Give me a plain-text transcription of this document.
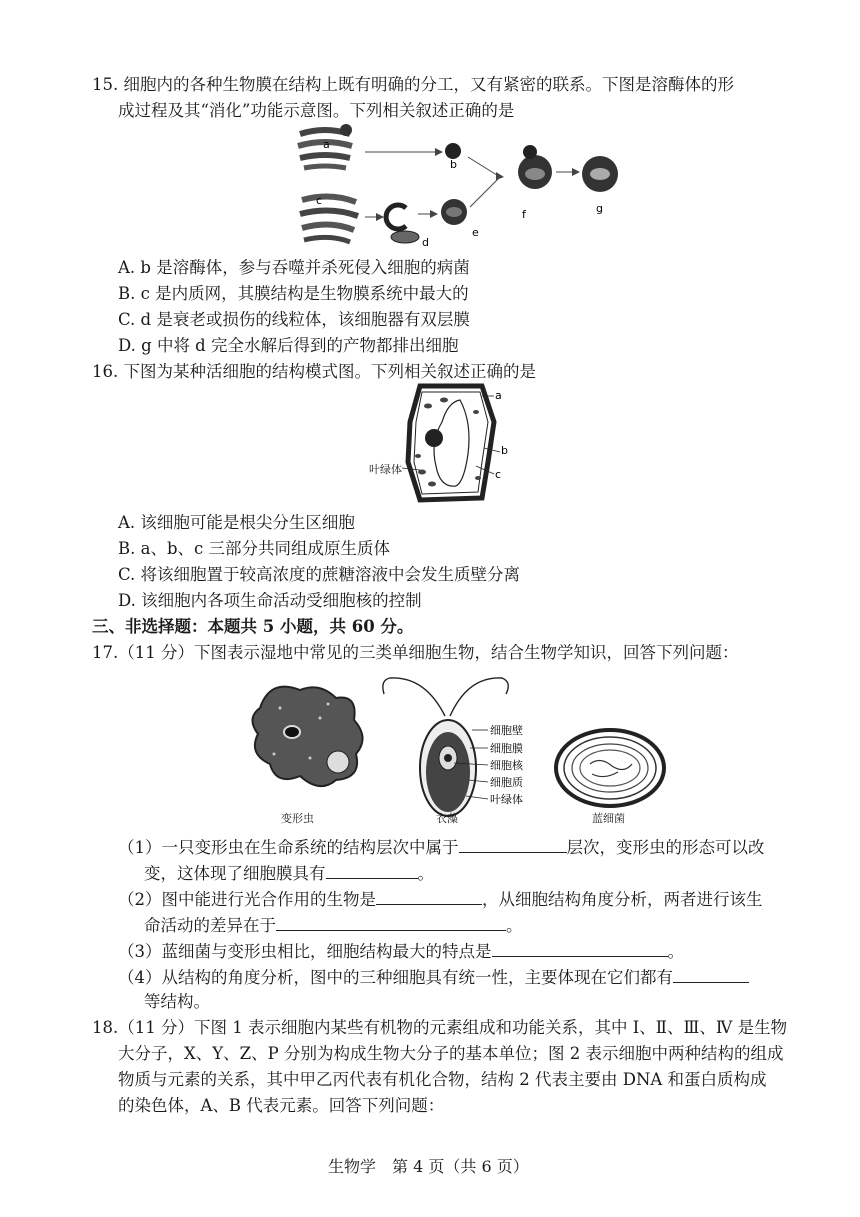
15. 细胞内的各种生物膜在结构上既有明确的分工，又有紧密的联系。下图是溶酶体的形
成过程及其“消化”功能示意图。下列相关叙述正确的是
a
b
c
d
e
f	g
A. b 是溶酶体，参与吞噬并杀死侵入细胞的病菌
B. c 是内质网，其膜结构是生物膜系统中最大的
C. d 是衰老或损伤的线粒体，该细胞器有双层膜
D. g 中将 d 完全水解后得到的产物都排出细胞
16. 下图为某种活细胞的结构模式图。下列相关叙述正确的是
a
b
c
叶绿体
A. 该细胞可能是根尖分生区细胞
B. a、b、c 三部分共同组成原生质体
C. 将该细胞置于较高浓度的蔗糖溶液中会发生质壁分离
D. 该细胞内各项生命活动受细胞核的控制
三、非选择题：本题共 5 小题，共 60 分。
17.（11 分）下图表示湿地中常见的三类单细胞生物，结合生物学知识，回答下列问题：
细胞壁
细胞膜
细胞核
细胞质
叶绿体
变形虫	衣藻	蓝细菌
（1）一只变形虫在生命系统的结构层次中属于	层次，变形虫的形态可以改
变，这体现了细胞膜具有	。
（2）图中能进行光合作用的生物是	，从细胞结构角度分析，两者进行该生
命活动的差异在于	。
（3）蓝细菌与变形虫相比，细胞结构最大的特点是	。
（4）从结构的角度分析，图中的三种细胞具有统一性，主要体现在它们都有
等结构。
18.（11 分）下图 1 表示细胞内某些有机物的元素组成和功能关系，其中 Ⅰ、Ⅱ、Ⅲ、Ⅳ 是生物
大分子，X、Y、Z、P 分别为构成生物大分子的基本单位；图 2 表示细胞中两种结构的组成
物质与元素的关系，其中甲乙丙代表有机化合物，结构 2 代表主要由 DNA 和蛋白质构成
的染色体，A、B 代表元素。回答下列问题：
生物学　第 4 页（共 6 页）
